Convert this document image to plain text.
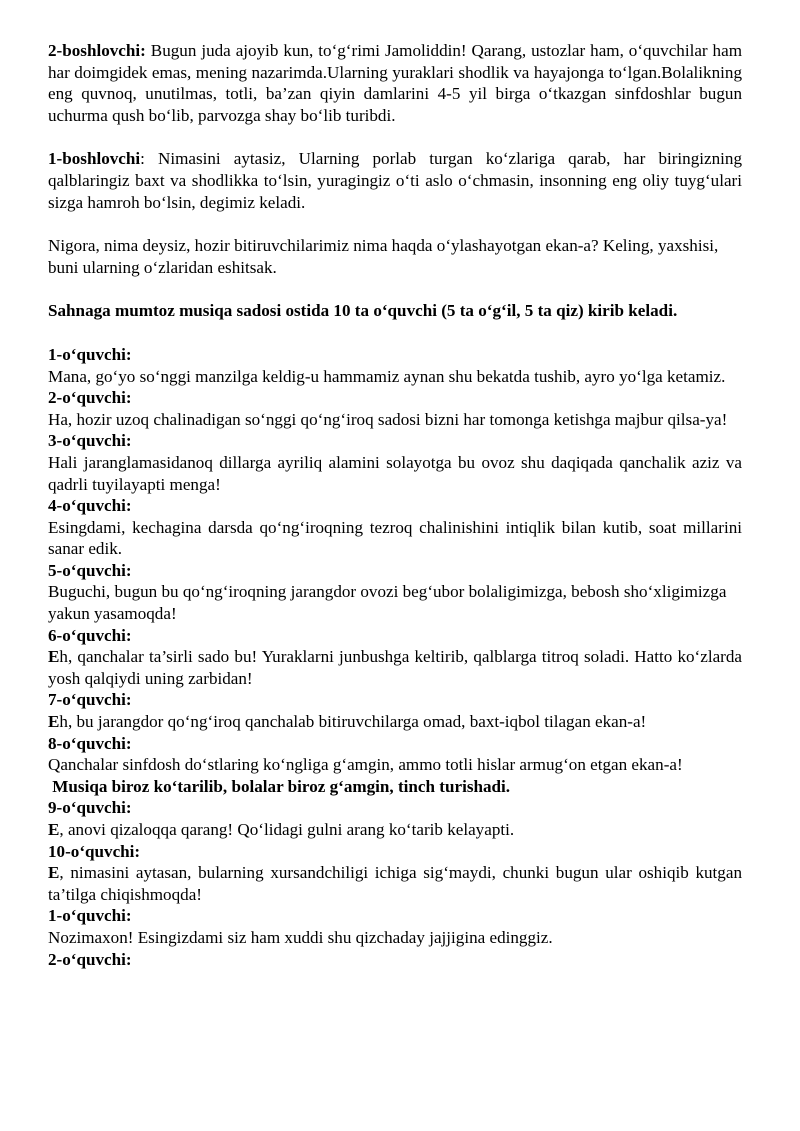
2-boshlovchi: Bugun juda ajoyib kun, to‘g‘rimi Jamoliddin! Qarang, ustozlar ham, o‘quvchilar ham har doimgidek emas, mening nazarimda.Ularning yuraklari shodlik va hayajonga to‘lgan.Bolalikning eng quvnoq, unutilmas, totli, ba’zan qiyin damlarini 4-5 yil birga o‘tkazgan sinfdoshlar bugun uchurma qush bo‘lib, parvozga shay bo‘lib turibdi.

1-boshlovchi: Nimasini aytasiz, Ularning porlab turgan ko‘zlariga qarab, har biringizning qalblaringiz baxt va shodlikka to‘lsin, yuragingiz o‘ti aslo o‘chmasin, insonning eng oliy tuyg‘ulari sizga hamroh bo‘lsin, degimiz keladi.

Nigora, nima deysiz, hozir bitiruvchilarimiz nima haqda o‘ylashayotgan ekan-a? Keling, yaxshisi, buni ularning o‘zlaridan eshitsak.

Sahnaga mumtoz musiqa sadosi ostida 10 ta o‘quvchi (5 ta o‘g‘il, 5 ta qiz) kirib keladi.

1-o‘quvchi:

Mana, go‘yo so‘nggi manzilga keldig-u hammamiz aynan shu bekatda tushib, ayro yo‘lga ketamiz.

2-o‘quvchi:

Ha, hozir uzoq chalinadigan so‘nggi qo‘ng‘iroq sadosi bizni har tomonga ketishga majbur qilsa-ya!

3-o‘quvchi:

Hali jaranglamasidanoq dillarga ayriliq alamini solayotga bu ovoz shu daqiqada qanchalik aziz va qadrli tuyilayapti menga!

4-o‘quvchi:

Esingdami, kechagina darsda qo‘ng‘iroqning tezroq chalinishini intiqlik bilan kutib, soat millarini sanar edik.

5-o‘quvchi:

Buguchi, bugun bu qo‘ng‘iroqning jarangdor ovozi beg‘ubor bolaligimizga, bebosh sho‘xligimizga yakun yasamoqda!

6-o‘quvchi:

Eh, qanchalar ta’sirli sado bu! Yuraklarni junbushga keltirib, qalblarga titroq soladi. Hatto ko‘zlarda yosh qalqiydi uning zarbidan!

7-o‘quvchi:

Eh, bu jarangdor qo‘ng‘iroq qanchalab bitiruvchilarga omad, baxt-iqbol tilagan ekan-a!

8-o‘quvchi:

Qanchalar sinfdosh do‘stlaring ko‘ngliga g‘amgin, ammo totli hislar armug‘on etgan ekan-a!

Musiqa biroz ko‘tarilib, bolalar biroz g‘amgin, tinch turishadi.

9-o‘quvchi:

E, anovi qizaloqqa qarang! Qo‘lidagi gulni arang ko‘tarib kelayapti.

10-o‘quvchi:

E, nimasini aytasan, bularning xursandchiligi ichiga sig‘maydi, chunki bugun ular oshiqib kutgan ta’tilga chiqishmoqda!

1-o‘quvchi:

Nozimaxon! Esingizdami siz ham xuddi shu qizchaday jajjigina edinggiz.

2-o‘quvchi:
